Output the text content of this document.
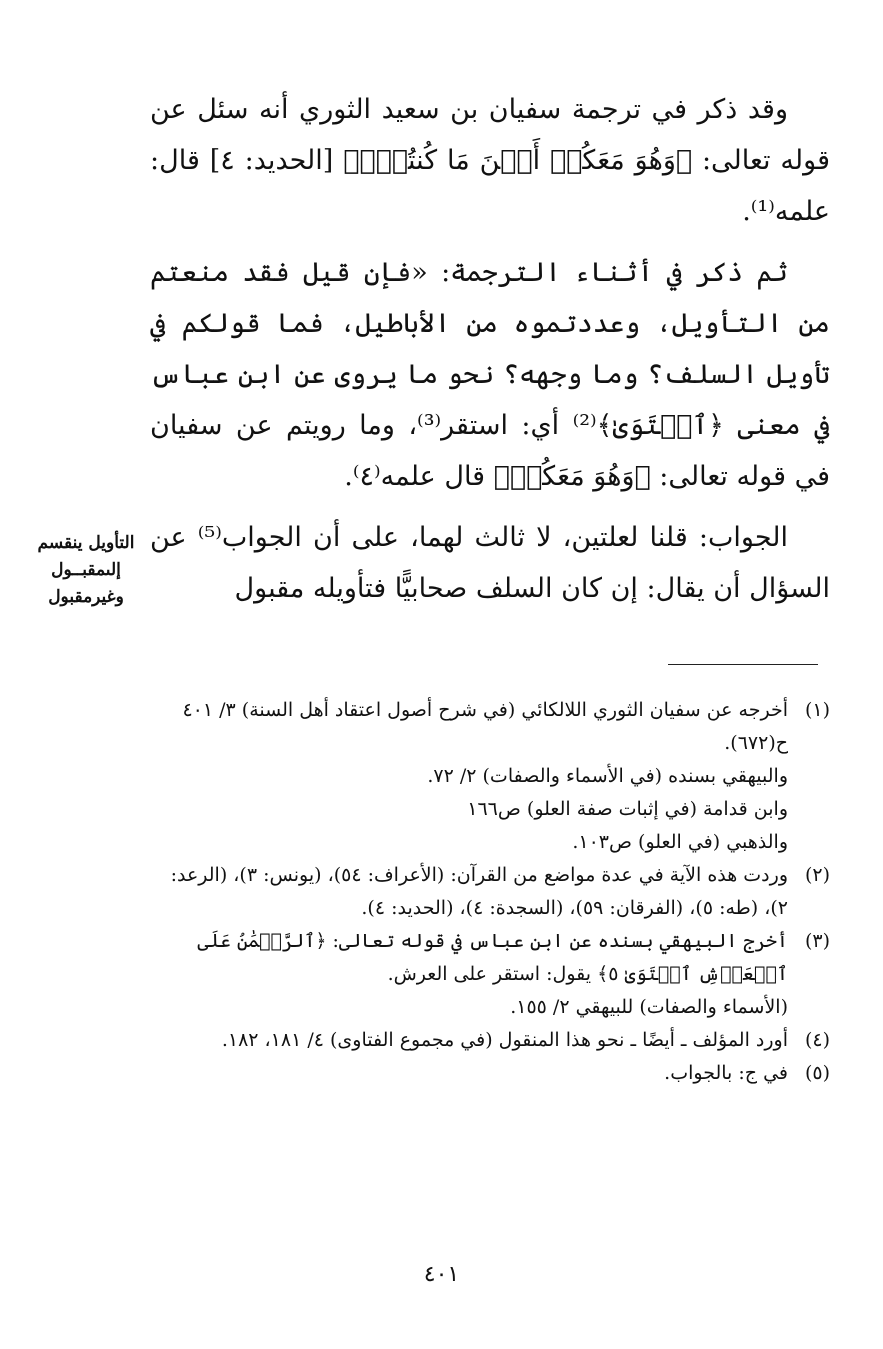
وقد ذكر في ترجمة سفيان بن سعيد الثوري أنه سئل عن قوله تعالى: ﴿وَهُوَ مَعَكُمۡ أَيۡنَ مَا كُنتُمۡۚ﴾ [الحديد: ٤] قال: علمه⁽¹⁾.

ثم ذكر في أثناء الترجمة: «فإن قيل فقد منعتم من التأويل، وعددتموه من الأباطيل، فما قولكم في تأويل السلف؟ وما وجهه؟ نحو ما يروى عن ابن عباس في معنى ﴿ٱسۡتَوَىٰ﴾⁽²⁾ أي: استقر⁽³⁾، وما رويتم عن سفيان في قوله تعالى: ﴿وَهُوَ مَعَكُمۡ﴾ قال علمه⁽٤⁾.

الجواب: قلنا لعلتين، لا ثالث لهما، على أن الجواب⁽⁵⁾ عن السؤال أن يقال: إن كان السلف صحابيًّا فتأويله مقبول

التأويل ينقسم
إلىمقبــول
وغيرمقبول
(١)
أخرجه عن سفيان الثوري اللالكائي (في شرح أصول اعتقاد أهل السنة) ٣/ ٤٠١ ح(٦٧٢).
والبيهقي بسنده (في الأسماء والصفات) ٢/ ٧٢.
وابن قدامة (في إثبات صفة العلو) ص١٦٦
والذهبي (في العلو) ص١٠٣.
(٢)
وردت هذه الآية في عدة مواضع من القرآن: (الأعراف: ٥٤)، (يونس: ٣)، (الرعد: ٢)، (طه: ٥)، (الفرقان: ٥٩)، (السجدة: ٤)، (الحديد: ٤).
(٣)
أخرج البيهقي بسنده عن ابن عباس في قوله تعالى: ﴿ٱلرَّحۡمَٰنُ عَلَى ٱلۡعَرۡشِ ٱسۡتَوَىٰ ٥﴾ يقول: استقر على العرش.
(الأسماء والصفات) للبيهقي ٢/ ١٥٥.
(٤)
أورد المؤلف ـ أيضًا ـ نحو هذا المنقول (في مجموع الفتاوى) ٤/ ١٨١، ١٨٢.
(٥)
في ج: بالجواب.
٤٠١
